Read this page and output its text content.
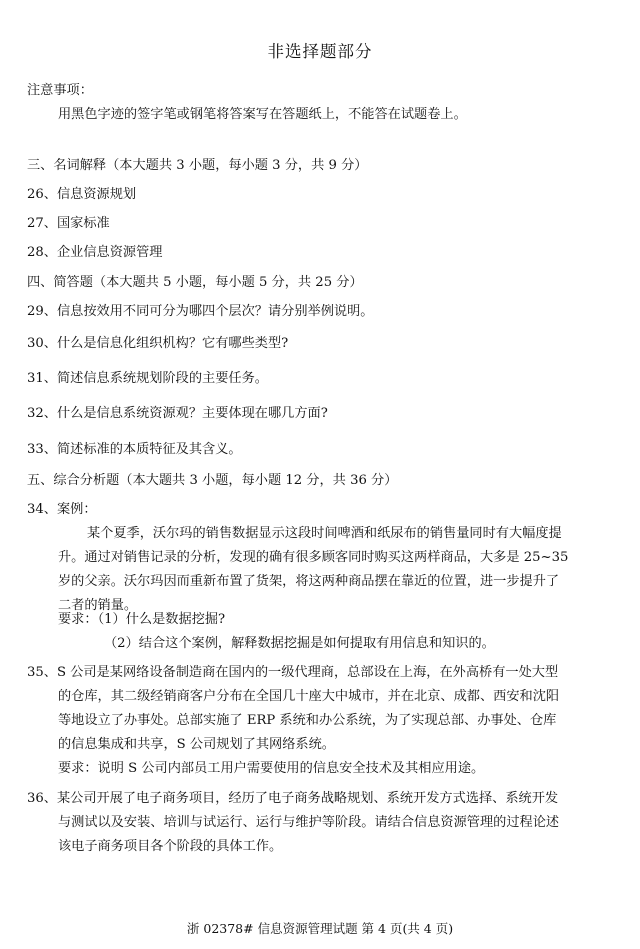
非选择题部分
注意事项：
用黑色字迹的签字笔或钢笔将答案写在答题纸上，不能答在试题卷上。
三、名词解释（本大题共 3 小题，每小题 3 分，共 9 分）
26、信息资源规划
27、国家标准
28、企业信息资源管理
四、简答题（本大题共 5 小题，每小题 5 分，共 25 分）
29、信息按效用不同可分为哪四个层次？请分别举例说明。
30、什么是信息化组织机构？它有哪些类型?
31、简述信息系统规划阶段的主要任务。
32、什么是信息系统资源观？主要体现在哪几方面?
33、简述标准的本质特征及其含义。
五、综合分析题（本大题共 3 小题，每小题 12 分，共 36 分）
34、案例：
某个夏季，沃尔玛的销售数据显示这段时间啤酒和纸尿布的销售量同时有大幅度提
升。通过对销售记录的分析，发现的确有很多顾客同时购买这两样商品，大多是 25~35
岁的父亲。沃尔玛因而重新布置了货架，将这两种商品摆在靠近的位置，进一步提升了
二者的销量。
要求：（1）什么是数据挖掘?
（2）结合这个案例，解释数据挖掘是如何提取有用信息和知识的。
35、S 公司是某网络设备制造商在国内的一级代理商，总部设在上海，在外高桥有一处大型
的仓库，其二级经销商客户分布在全国几十座大中城市，并在北京、成都、西安和沈阳
等地设立了办事处。总部实施了 ERP 系统和办公系统，为了实现总部、办事处、仓库
的信息集成和共享，S 公司规划了其网络系统。
要求：说明 S 公司内部员工用户需要使用的信息安全技术及其相应用途。
36、某公司开展了电子商务项目，经历了电子商务战略规划、系统开发方式选择、系统开发
与测试以及安装、培训与试运行、运行与维护等阶段。请结合信息资源管理的过程论述
该电子商务项目各个阶段的具体工作。
浙 02378# 信息资源管理试题 第 4 页(共 4 页)
